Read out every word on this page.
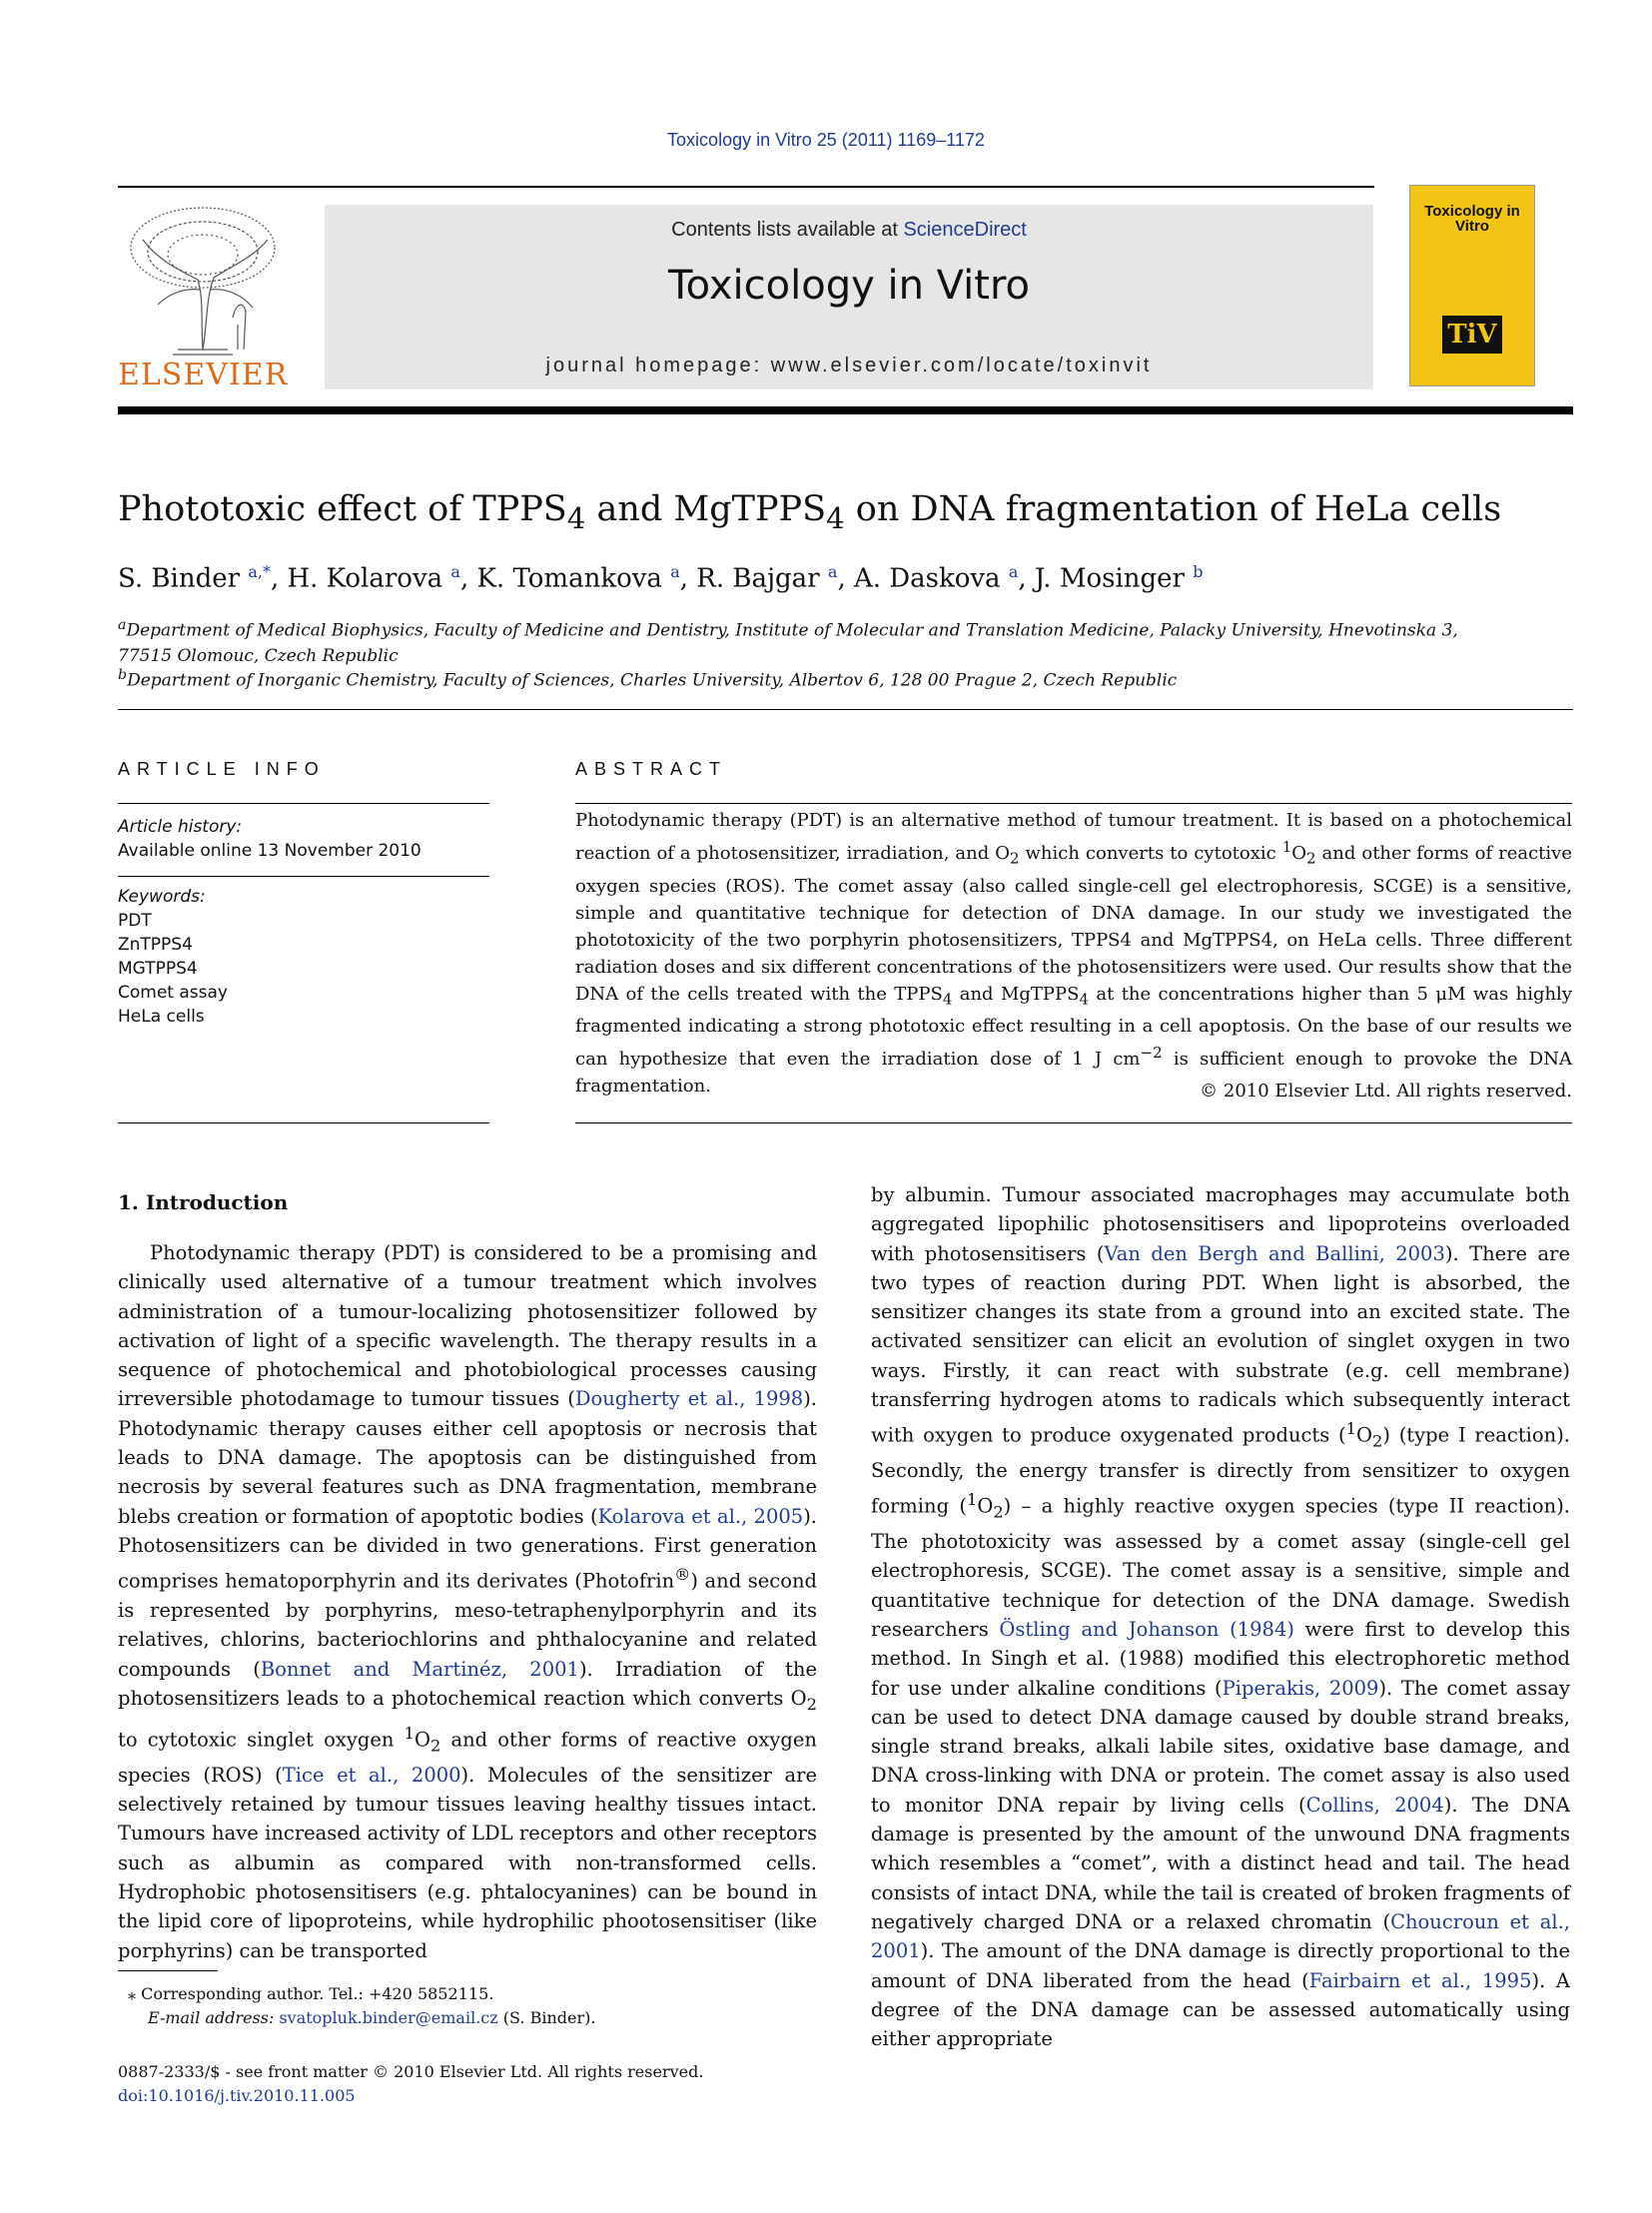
Toxicology in Vitro 25 (2011) 1169–1172
ELSEVIER
Contents lists available at ScienceDirect
Toxicology in Vitro
journal homepage: www.elsevier.com/locate/toxinvit
Toxicology in Vitro
TiV
Phototoxic effect of $TPPS_4$ and MgTPPS$_4$ on DNA fragmentation of HeLa cells
S. Binder $^{a,*}$, H. Kolarova $^a$, K. Tomankova $^a$, R. Bajgar $^a$, A. Daskova $^a$, J. Mosinger $^b$
$^a$Department of Medical Biophysics, Faculty of Medicine and Dentistry, Institute of Molecular and Translation Medicine, Palacky University, Hnevotinska 3, 77515 Olomouc, Czech Republic
$^b$Department of Inorganic Chemistry, Faculty of Sciences, Charles University, Albertov 6, 128 00 Prague 2, Czech Republic
ARTICLE INFO	ABSTRACT
Article history:
Available online 13 November 2010
Keywords:
PDT
ZnTPPS4
MGTPPS4
Comet assay
HeLa cells
Photodynamic therapy (PDT) is an alternative method of tumour treatment. It is based on a photochemical reaction of a photosensitizer, irradiation, and $O_2$ which converts to cytotoxic $^1O_2$ and other forms of reactive oxygen species (ROS). The comet assay (also called single-cell gel electrophoresis, SCGE) is a sensitive, simple and quantitative technique for detection of DNA damage. In our study we investigated the phototoxicity of the two porphyrin photosensitizers, TPPS4 and MgTPPS4, on HeLa cells. Three different radiation doses and six different concentrations of the photosensitizers were used. Our results show that the DNA of the cells treated with the $TPPS_4$ and MgTPPS$_4$ at the concentrations higher than 5 μM was highly fragmented indicating a strong phototoxic effect resulting in a cell apoptosis. On the base of our results we can hypothesize that even the irradiation dose of 1 J $cm^{-2}$ is sufficient enough to provoke the DNA fragmentation.	© 2010 Elsevier Ltd. All rights reserved.
1. Introduction

Photodynamic therapy (PDT) is considered to be a promising and clinically used alternative of a tumour treatment which involves administration of a tumour-localizing photosensitizer followed by activation of light of a specific wavelength. The therapy results in a sequence of photochemical and photobiological processes causing irreversible photodamage to tumour tissues (Dougherty et al., 1998). Photodynamic therapy causes either cell apoptosis or necrosis that leads to DNA damage. The apoptosis can be distinguished from necrosis by several features such as DNA fragmentation, membrane blebs creation or formation of apoptotic bodies (Kolarova et al., 2005). Photosensitizers can be divided in two generations. First generation comprises hematoporphyrin and its derivates (Photofrin®) and second is represented by porphyrins, meso-tetraphenylporphyrin and its relatives, chlorins, bacteriochlorins and phthalocyanine and related compounds (Bonnet and Martinéz, 2001). Irradiation of the photosensitizers leads to a photochemical reaction which converts $O_2$ to cytotoxic singlet oxygen $^1O_2$ and other forms of reactive oxygen species (ROS) (Tice et al., 2000). Molecules of the sensitizer are selectively retained by tumour tissues leaving healthy tissues intact. Tumours have increased activity of LDL receptors and other receptors such as albumin as compared with non-transformed cells. Hydrophobic photosensitisers (e.g. phtalocyanines) can be bound in the lipid core of lipoproteins, while hydrophilic phootosensitiser (like porphyrins) can be transported

by albumin. Tumour associated macrophages may accumulate both aggregated lipophilic photosensitisers and lipoproteins overloaded with photosensitisers (Van den Bergh and Ballini, 2003). There are two types of reaction during PDT. When light is absorbed, the sensitizer changes its state from a ground into an excited state. The activated sensitizer can elicit an evolution of singlet oxygen in two ways. Firstly, it can react with substrate (e.g. cell membrane) transferring hydrogen atoms to radicals which subsequently interact with oxygen to produce oxygenated products $(^1O_2)$ (type I reaction). Secondly, the energy transfer is directly from sensitizer to oxygen forming $(^1O_2)$ – a highly reactive oxygen species (type II reaction). The phototoxicity was assessed by a comet assay (single-cell gel electrophoresis, SCGE). The comet assay is a sensitive, simple and quantitative technique for detection of the DNA damage. Swedish researchers Östling and Johanson (1984) were first to develop this method. In Singh et al. (1988) modified this electrophoretic method for use under alkaline conditions (Piperakis, 2009). The comet assay can be used to detect DNA damage caused by double strand breaks, single strand breaks, alkali labile sites, oxidative base damage, and DNA cross-linking with DNA or protein. The comet assay is also used to monitor DNA repair by living cells (Collins, 2004). The DNA damage is presented by the amount of the unwound DNA fragments which resembles a “comet”, with a distinct head and tail. The head consists of intact DNA, while the tail is created of broken fragments of negatively charged DNA or a relaxed chromatin (Choucroun et al., 2001). The amount of the DNA damage is directly proportional to the amount of DNA liberated from the head (Fairbairn et al., 1995). A degree of the DNA damage can be assessed automatically using either appropriate

⁎ Corresponding author. Tel.: +420 5852115.
E-mail address: svatopluk.binder@email.cz (S. Binder).
0887-2333/$ - see front matter © 2010 Elsevier Ltd. All rights reserved.
doi:10.1016/j.tiv.2010.11.005
